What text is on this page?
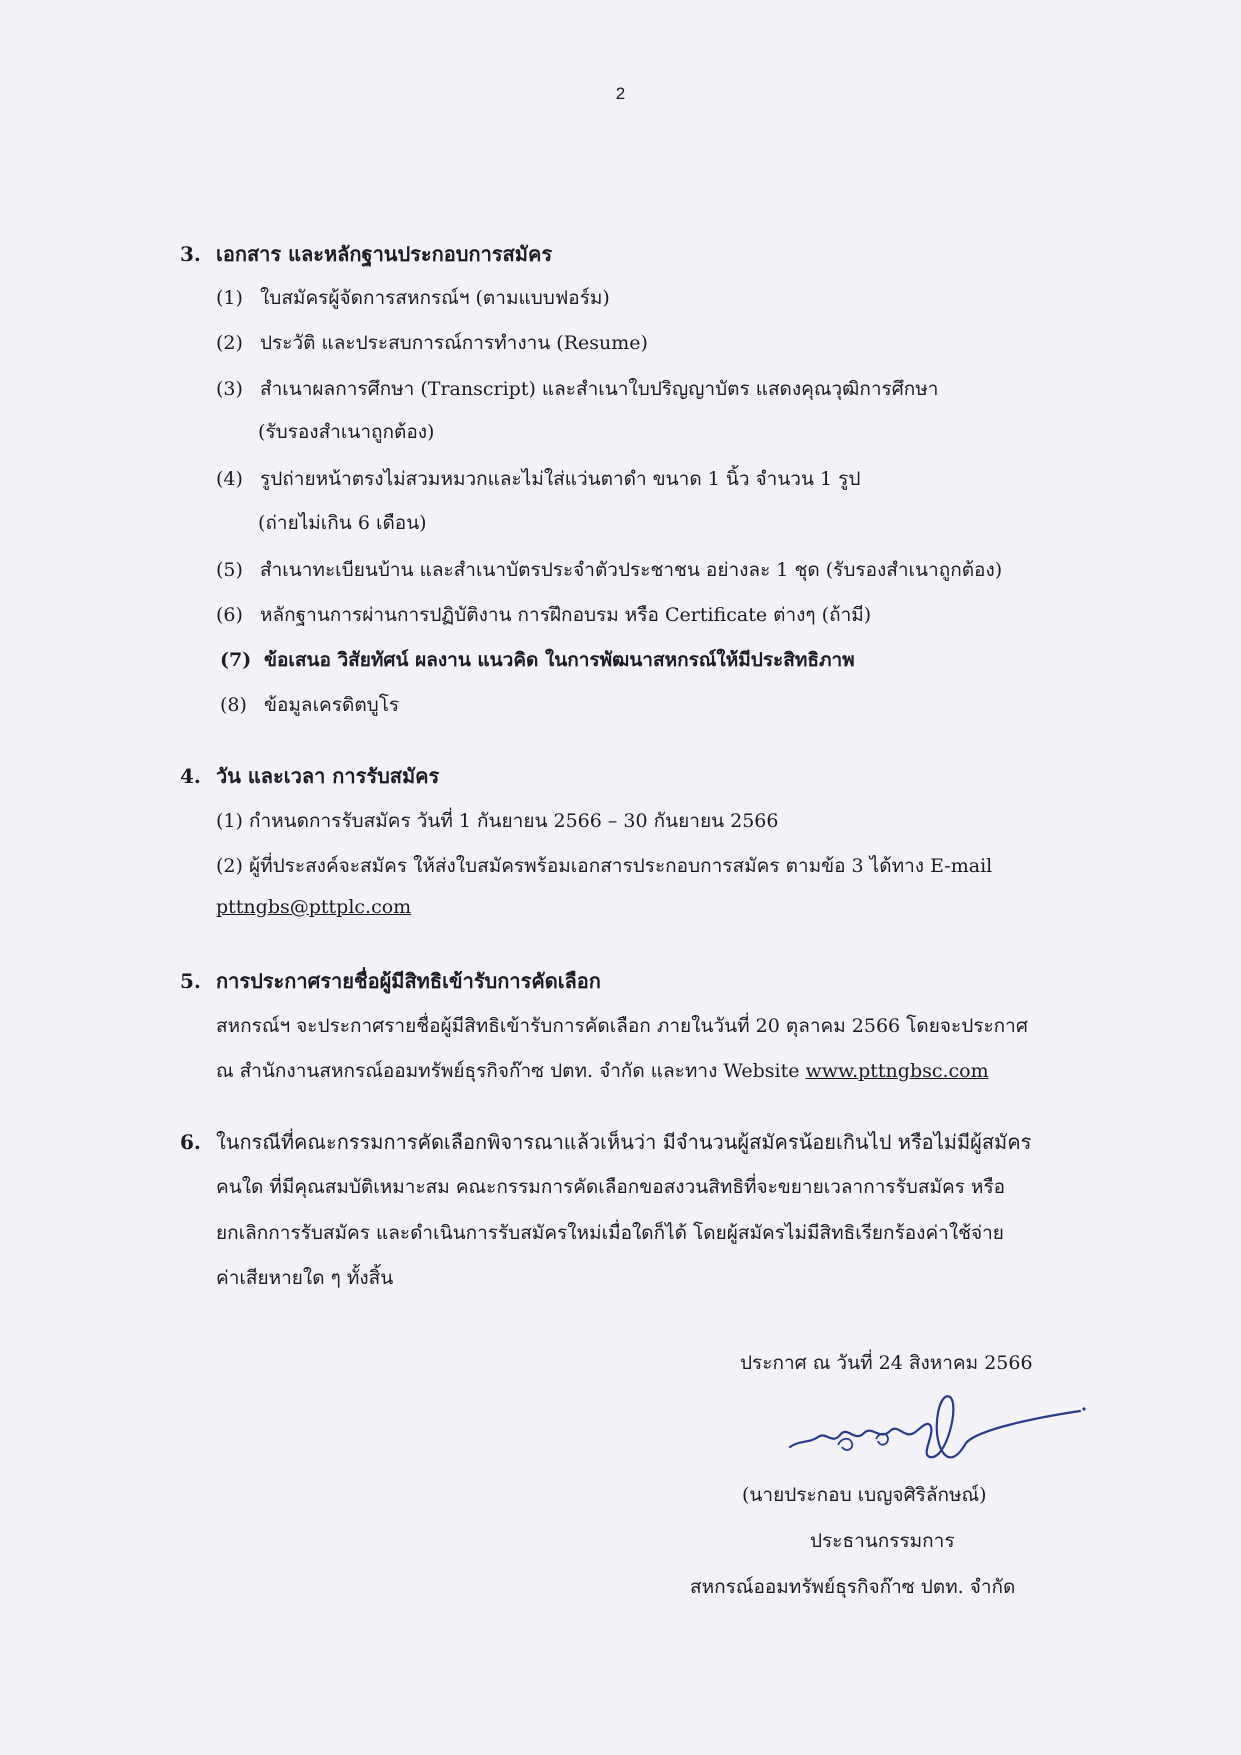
2
3. เอกสาร และหลักฐานประกอบการสมัคร
(1) ใบสมัครผู้จัดการสหกรณ์ฯ (ตามแบบฟอร์ม)
(2) ประวัติ และประสบการณ์การทำงาน (Resume)
(3) สำเนาผลการศึกษา (Transcript) และสำเนาใบปริญญาบัตร แสดงคุณวุฒิการศึกษา
(รับรองสำเนาถูกต้อง)
(4) รูปถ่ายหน้าตรงไม่สวมหมวกและไม่ใส่แว่นตาดำ ขนาด 1 นิ้ว จำนวน 1 รูป
(ถ่ายไม่เกิน 6 เดือน)
(5) สำเนาทะเบียนบ้าน และสำเนาบัตรประจำตัวประชาชน อย่างละ 1 ชุด (รับรองสำเนาถูกต้อง)
(6) หลักฐานการผ่านการปฏิบัติงาน การฝึกอบรม หรือ Certificate ต่างๆ (ถ้ามี)
(7) ข้อเสนอ วิสัยทัศน์ ผลงาน แนวคิด ในการพัฒนาสหกรณ์ให้มีประสิทธิภาพ
(8) ข้อมูลเครดิตบูโร
4. วัน และเวลา การรับสมัคร
(1) กำหนดการรับสมัคร วันที่ 1 กันยายน 2566 – 30 กันยายน 2566
(2) ผู้ที่ประสงค์จะสมัคร ให้ส่งใบสมัครพร้อมเอกสารประกอบการสมัคร ตามข้อ 3 ได้ทาง E-mail
pttngbs@pttplc.com
5. การประกาศรายชื่อผู้มีสิทธิเข้ารับการคัดเลือก
สหกรณ์ฯ จะประกาศรายชื่อผู้มีสิทธิเข้ารับการคัดเลือก ภายในวันที่ 20 ตุลาคม 2566 โดยจะประกาศ
ณ สำนักงานสหกรณ์ออมทรัพย์ธุรกิจก๊าซ ปตท. จำกัด และทาง Website www.pttngbsc.com
6. ในกรณีที่คณะกรรมการคัดเลือกพิจารณาแล้วเห็นว่า มีจำนวนผู้สมัครน้อยเกินไป หรือไม่มีผู้สมัคร
คนใด ที่มีคุณสมบัติเหมาะสม คณะกรรมการคัดเลือกขอสงวนสิทธิที่จะขยายเวลาการรับสมัคร หรือ
ยกเลิกการรับสมัคร และดำเนินการรับสมัครใหม่เมื่อใดก็ได้ โดยผู้สมัครไม่มีสิทธิเรียกร้องค่าใช้จ่าย
ค่าเสียหายใด ๆ ทั้งสิ้น
ประกาศ ณ วันที่ 24 สิงหาคม 2566
(นายประกอบ เบญจศิริลักษณ์)
ประธานกรรมการ
สหกรณ์ออมทรัพย์ธุรกิจก๊าซ ปตท. จำกัด
